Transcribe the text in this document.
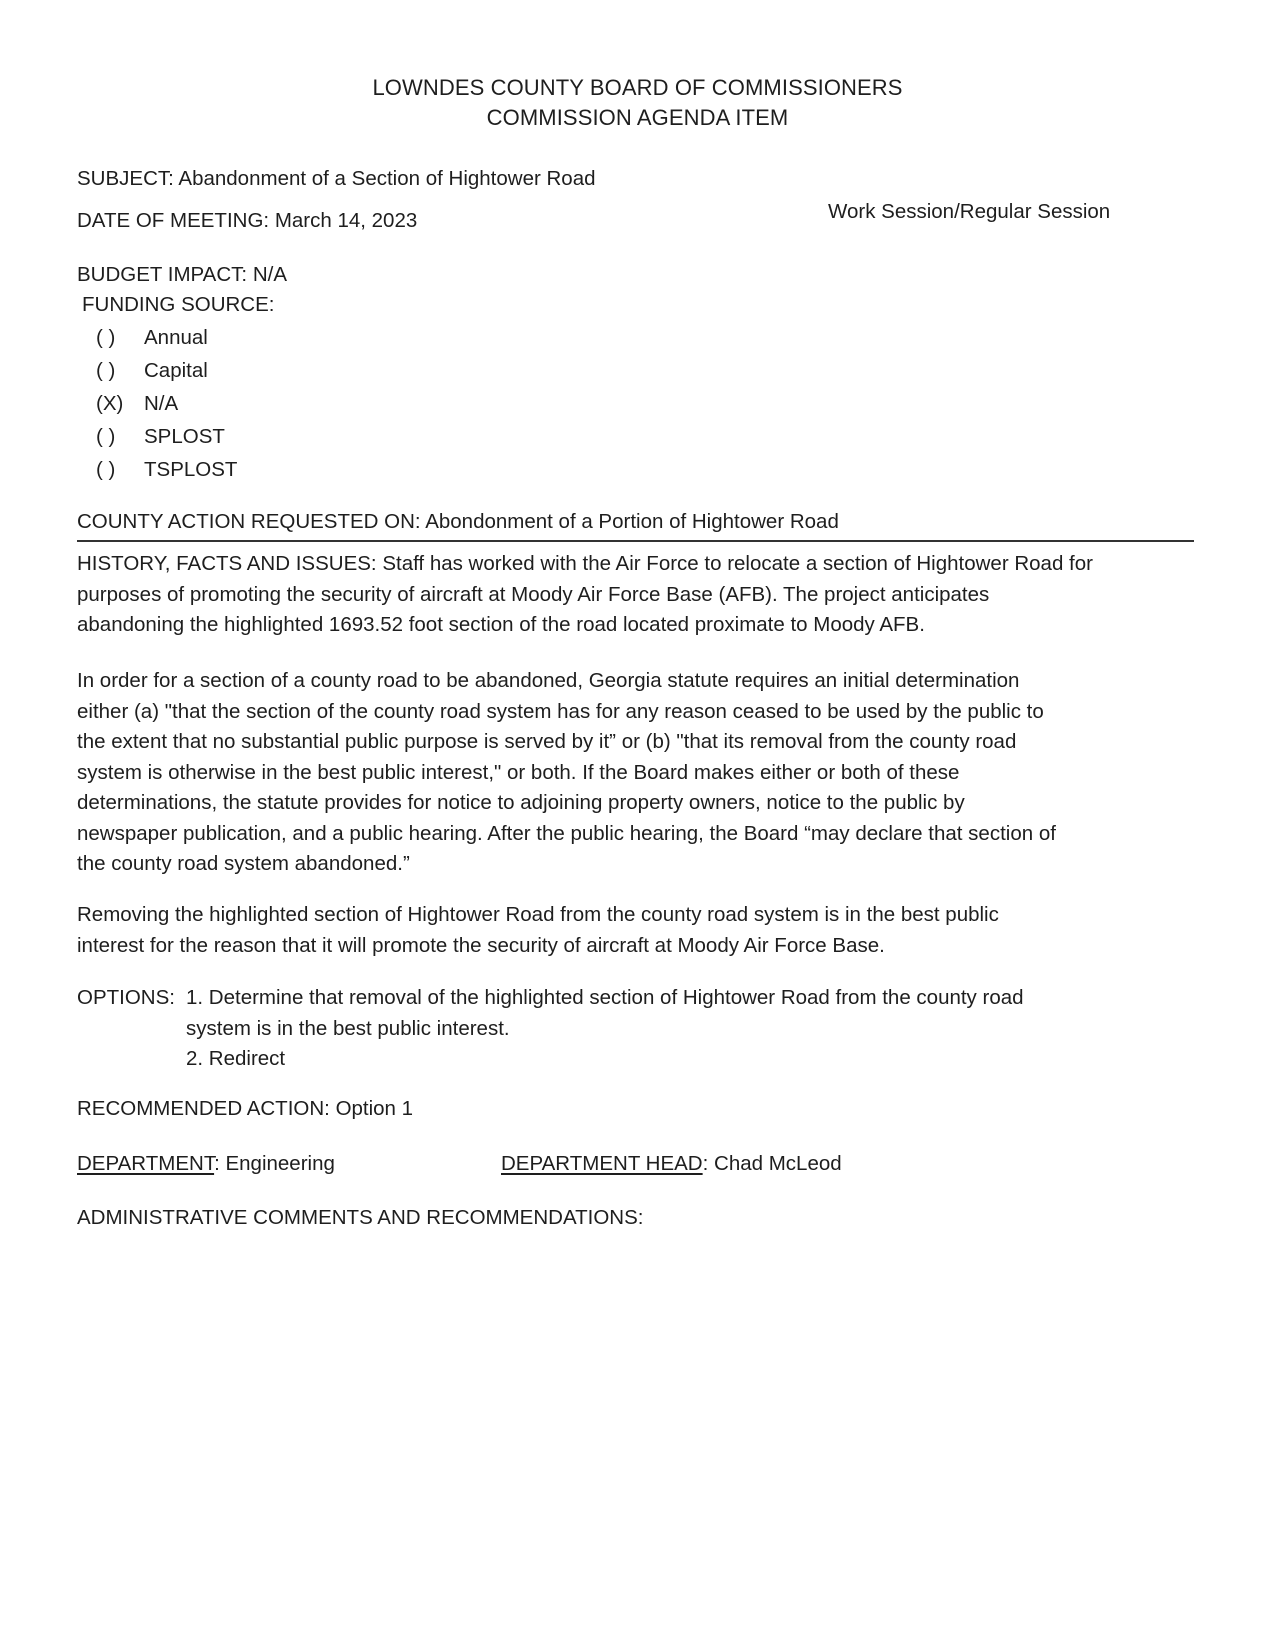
LOWNDES COUNTY BOARD OF COMMISSIONERS
COMMISSION AGENDA ITEM
SUBJECT: Abandonment of a Section of Hightower Road
DATE OF MEETING: March 14, 2023	Work Session/Regular Session
BUDGET IMPACT: N/A
FUNDING SOURCE:
( ) Annual
( ) Capital
(X) N/A
( ) SPLOST
( ) TSPLOST
COUNTY ACTION REQUESTED ON: Abondonment of a Portion of Hightower Road
HISTORY, FACTS AND ISSUES: Staff has worked with the Air Force to relocate a section of Hightower Road for
purposes of promoting the security of aircraft at Moody Air Force Base (AFB). The project anticipates
abandoning the highlighted 1693.52 foot section of the road located proximate to Moody AFB.
In order for a section of a county road to be abandoned, Georgia statute requires an initial determination
either (a) "that the section of the county road system has for any reason ceased to be used by the public to
the extent that no substantial public purpose is served by it” or (b) "that its removal from the county road
system is otherwise in the best public interest," or both. If the Board makes either or both of these
determinations, the statute provides for notice to adjoining property owners, notice to the public by
newspaper publication, and a public hearing. After the public hearing, the Board “may declare that section of
the county road system abandoned.”
Removing the highlighted section of Hightower Road from the county road system is in the best public
interest for the reason that it will promote the security of aircraft at Moody Air Force Base.
OPTIONS: 1. Determine that removal of the highlighted section of Hightower Road from the county road
system is in the best public interest.
2. Redirect
RECOMMENDED ACTION: Option 1
DEPARTMENT: Engineering	DEPARTMENT HEAD: Chad McLeod
ADMINISTRATIVE COMMENTS AND RECOMMENDATIONS:
